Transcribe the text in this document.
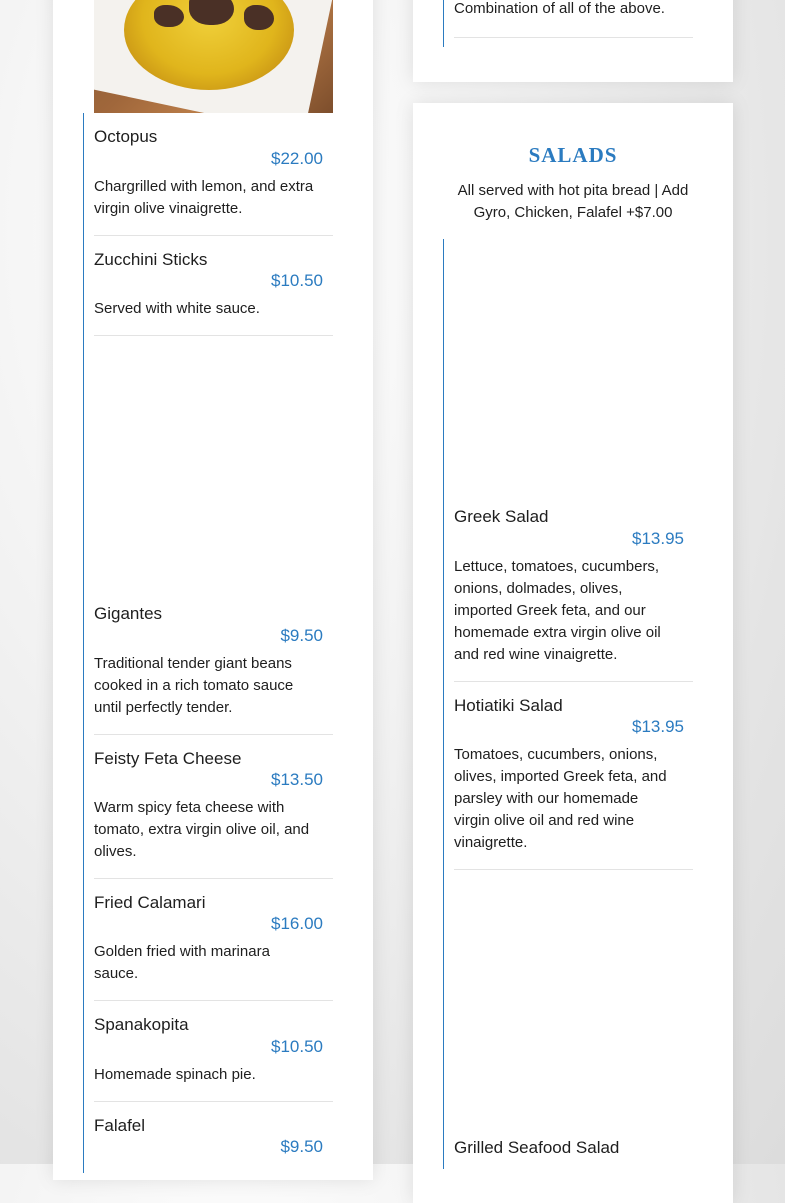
Octopus
$22.00
Chargrilled with lemon, and extra virgin olive vinaigrette.
Zucchini Sticks
$10.50
Served with white sauce.
Gigantes
$9.50
Traditional tender giant beans cooked in a rich tomato sauce until perfectly tender.
Feisty Feta Cheese
$13.50
Warm spicy feta cheese with tomato, extra virgin olive oil, and olives.
Fried Calamari
$16.00
Golden fried with marinara sauce.
Spanakopita
$10.50
Homemade spinach pie.
Falafel
$9.50
Combination of all of the above.
SALADS
All served with hot pita bread | Add Gyro, Chicken, Falafel +$7.00
Greek Salad
$13.95
Lettuce, tomatoes, cucumbers, onions, dolmades, olives, imported Greek feta, and our homemade extra virgin olive oil and red wine vinaigrette.
Hotiatiki Salad
$13.95
Tomatoes, cucumbers, onions, olives, imported Greek feta, and parsley with our homemade virgin olive oil and red wine vinaigrette.
Grilled Seafood Salad
